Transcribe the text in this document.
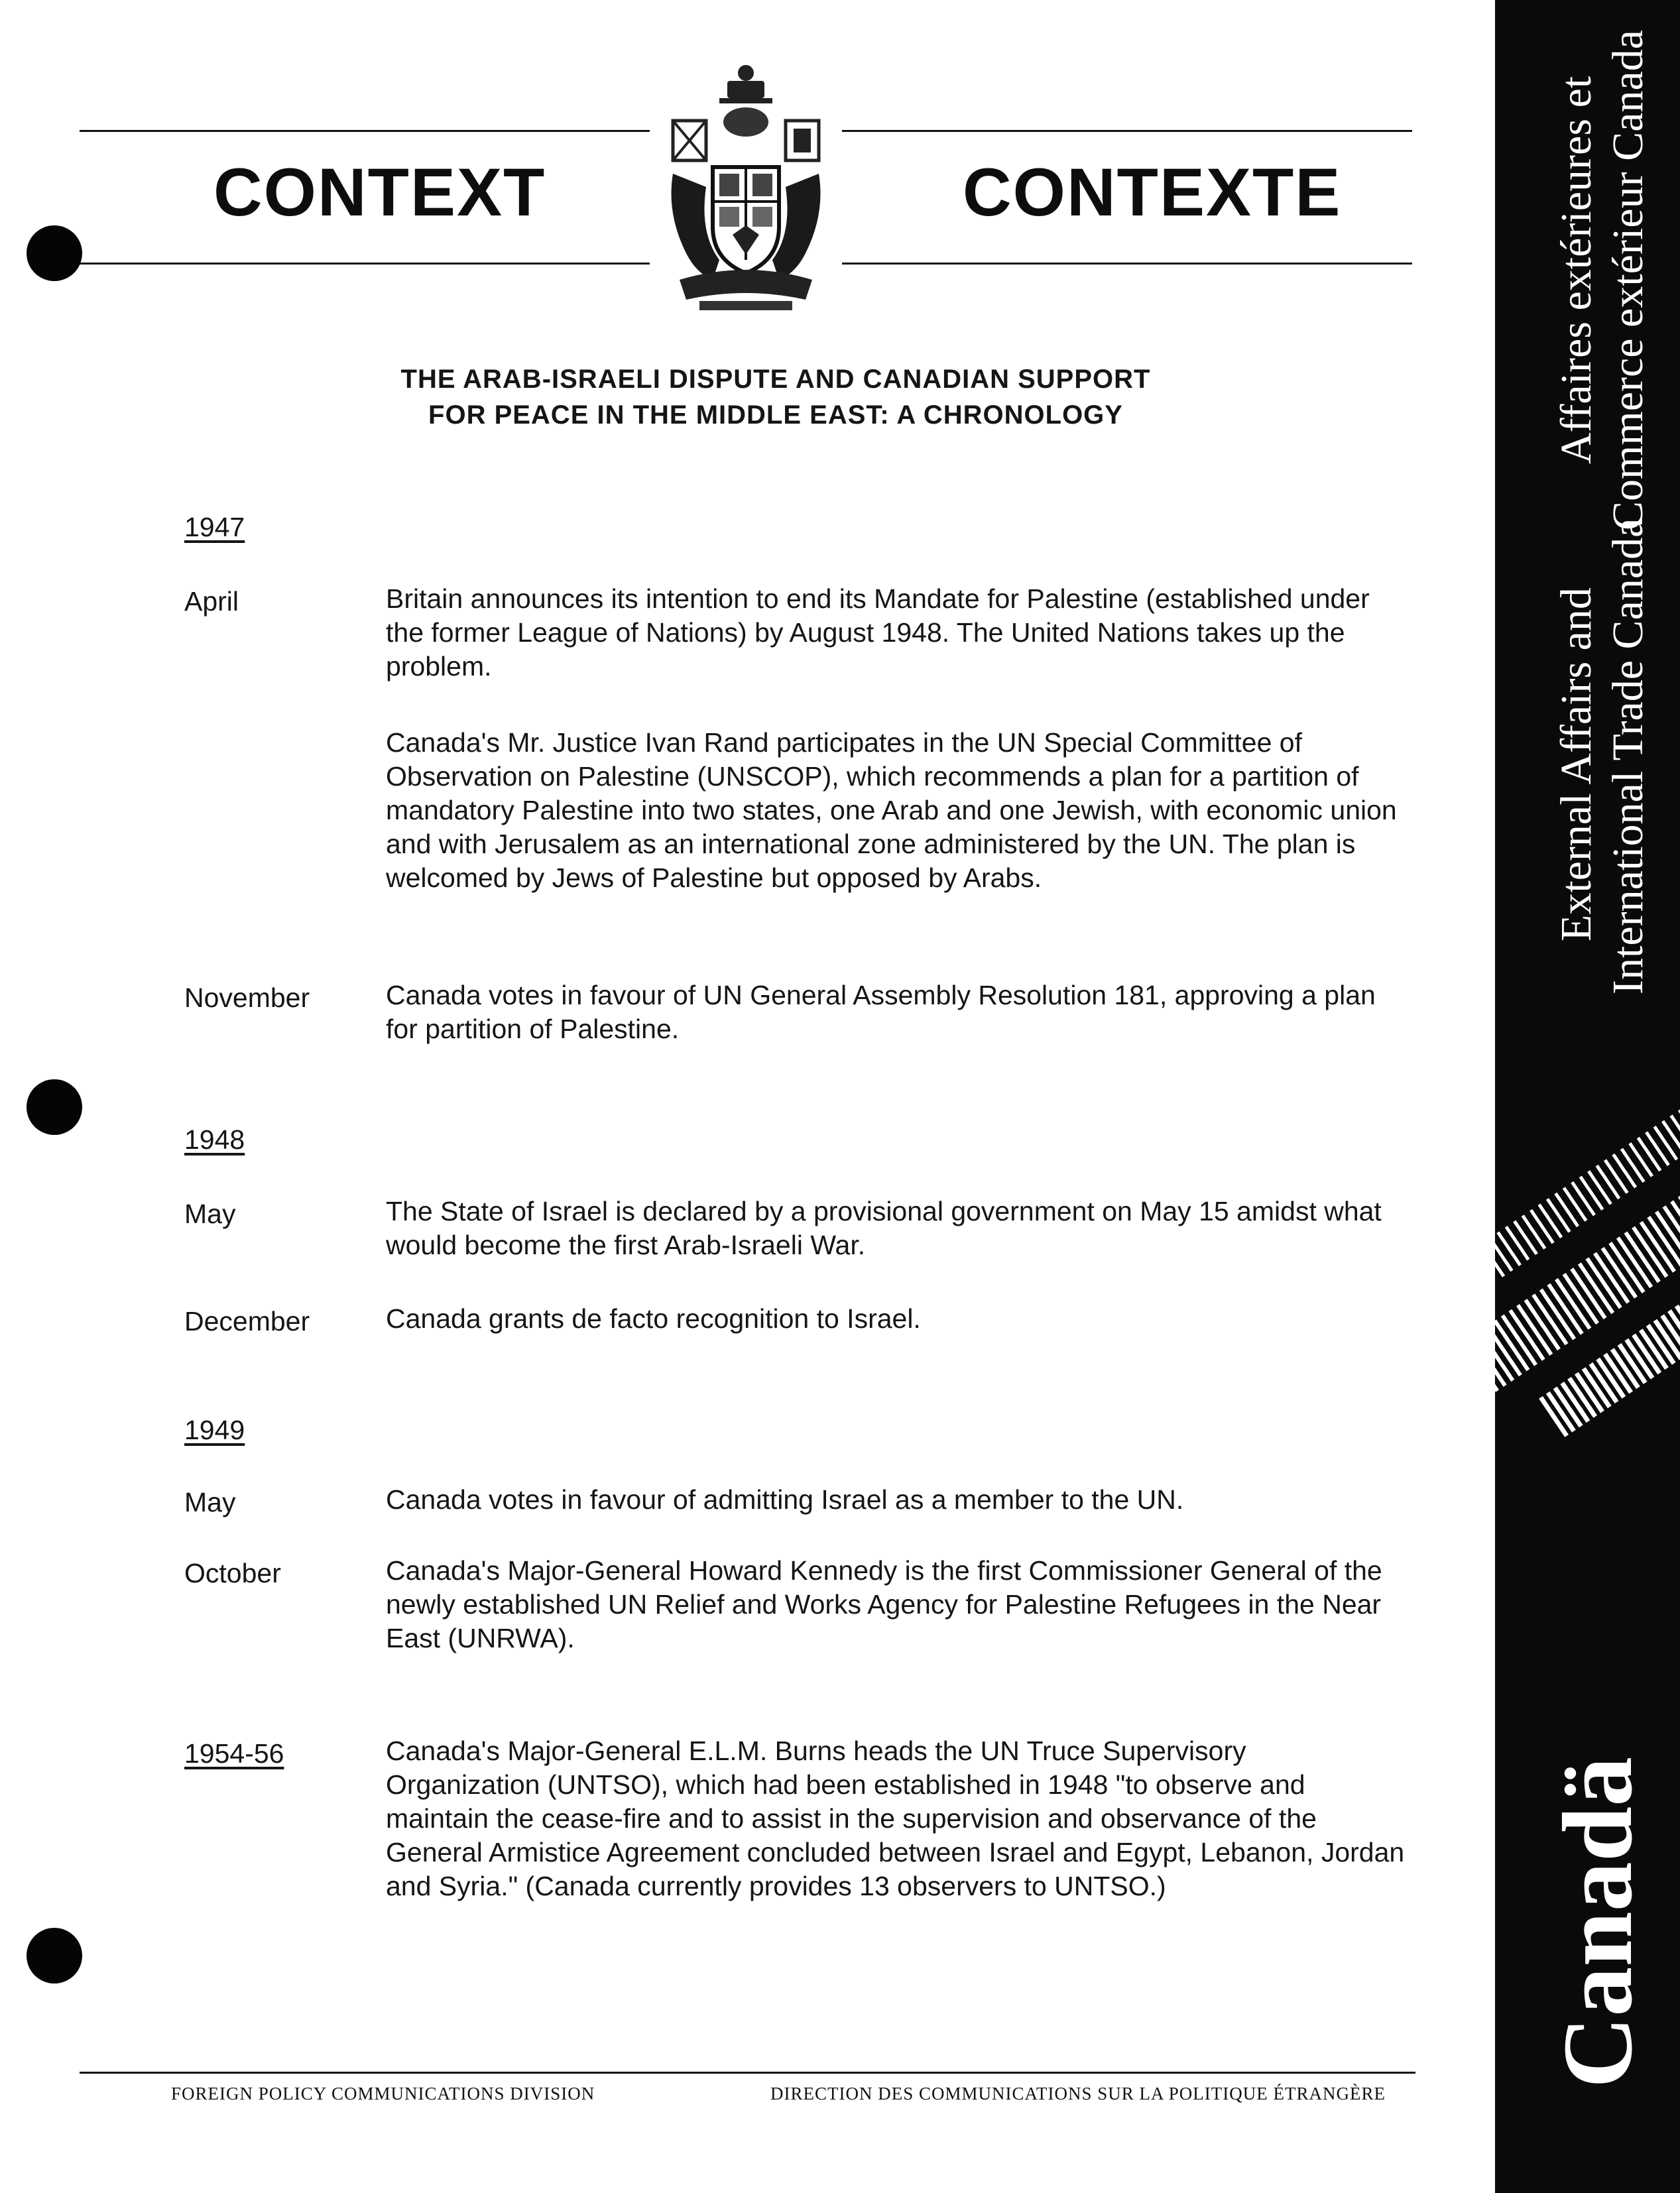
CONTEXT	CONTEXTE
THE ARAB-ISRAELI DISPUTE AND CANADIAN SUPPORT
FOR PEACE IN THE MIDDLE EAST: A CHRONOLOGY
1947
April	Britain announces its intention to end its Mandate for Palestine (established under the former League of Nations) by August 1948. The United Nations takes up the problem.
Canada's Mr. Justice Ivan Rand participates in the UN Special Committee of Observation on Palestine (UNSCOP), which recommends a plan for a partition of mandatory Palestine into two states, one Arab and one Jewish, with economic union and with Jerusalem as an international zone administered by the UN. The plan is welcomed by Jews of Palestine but opposed by Arabs.
November	Canada votes in favour of UN General Assembly Resolution 181, approving a plan for partition of Palestine.
1948
May	The State of Israel is declared by a provisional government on May 15 amidst what would become the first Arab-Israeli War.
December	Canada grants de facto recognition to Israel.
1949
May	Canada votes in favour of admitting Israel as a member to the UN.
October	Canada's Major-General Howard Kennedy is the first Commissioner General of the newly established UN Relief and Works Agency for Palestine Refugees in the Near East (UNRWA).
1954-56	Canada's Major-General E.L.M. Burns heads the UN Truce Supervisory Organization (UNTSO), which had been established in 1948 "to observe and maintain the cease-fire and to assist in the supervision and observance of the General Armistice Agreement concluded between Israel and Egypt, Lebanon, Jordan and Syria." (Canada currently provides 13 observers to UNTSO.)
FOREIGN POLICY COMMUNICATIONS DIVISION	DIRECTION DES COMMUNICATIONS SUR LA POLITIQUE ÉTRANGÈRE
Affaires extérieures et Commerce extérieur Canada
External Affairs and International Trade Canada
Canadä
